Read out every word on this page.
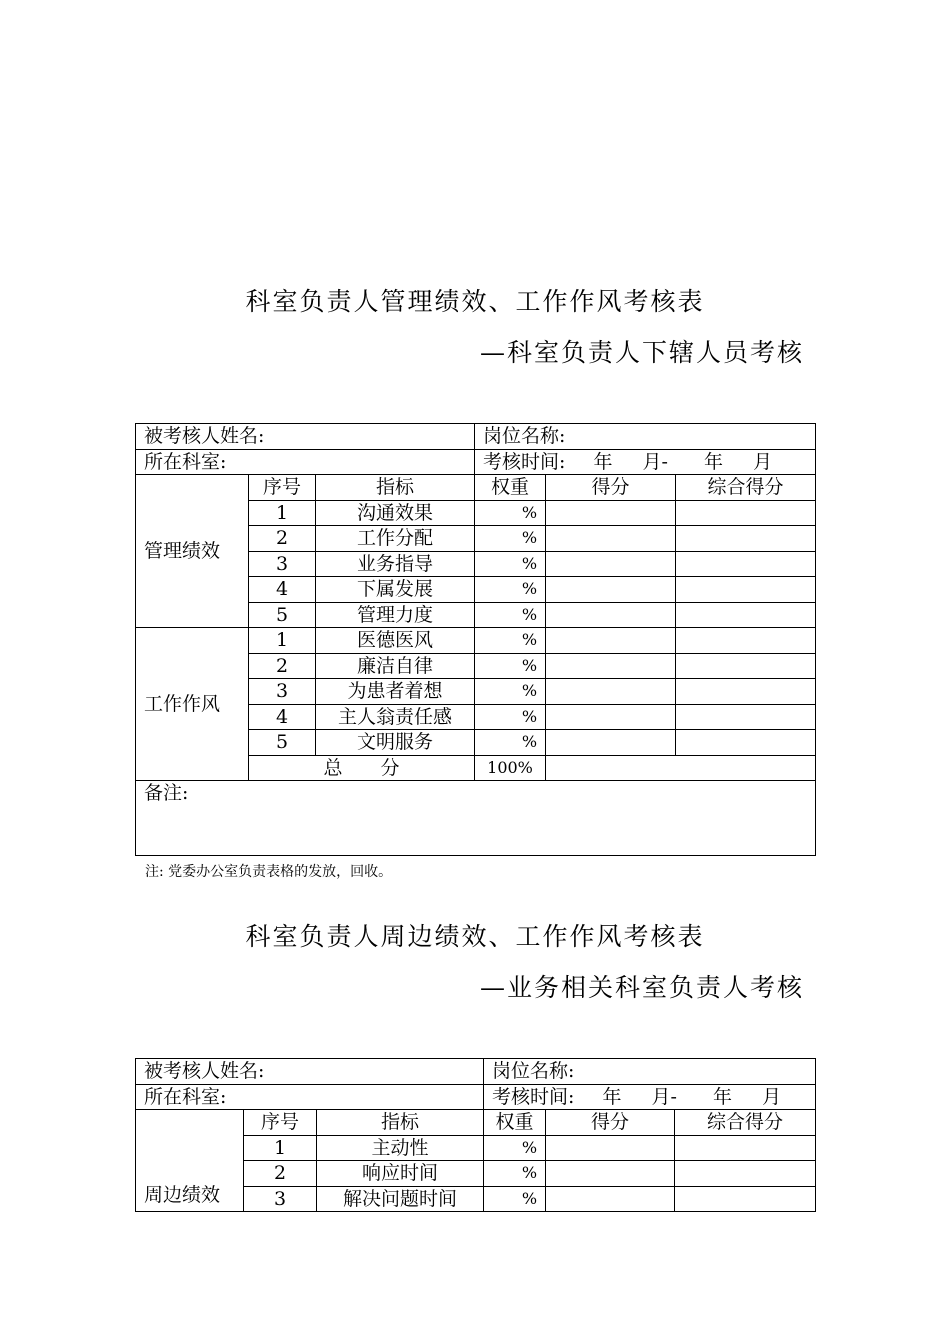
科室负责人管理绩效、工作作风考核表
—科室负责人下辖人员考核
被考核人姓名:			岗位名称:		
所在科室:			考核时间: 年 月- 年 月		
管理绩效	序号	指标	权重	得分	综合得分
	1	沟通效果	%		
	2	工作分配	%		
	3	业务指导	%		
	4	下属发展	%		
	5	管理力度	%		
工作作风	1	医德医风	%		
	2	廉洁自律	%		
	3	为患者着想	%		
	4	主人翁责任感	%		
	5	文明服务	%		
	总　　分		100%		
备注:					
注: 党委办公室负责表格的发放，回收。
科室负责人周边绩效、工作作风考核表
—业务相关科室负责人考核
被考核人姓名:			岗位名称:		
所在科室:			考核时间: 年 月- 年 月		
周边绩效	序号	指标	权重	得分	综合得分
	1	主动性	%		
	2	响应时间	%		
	3	解决问题时间	%		
